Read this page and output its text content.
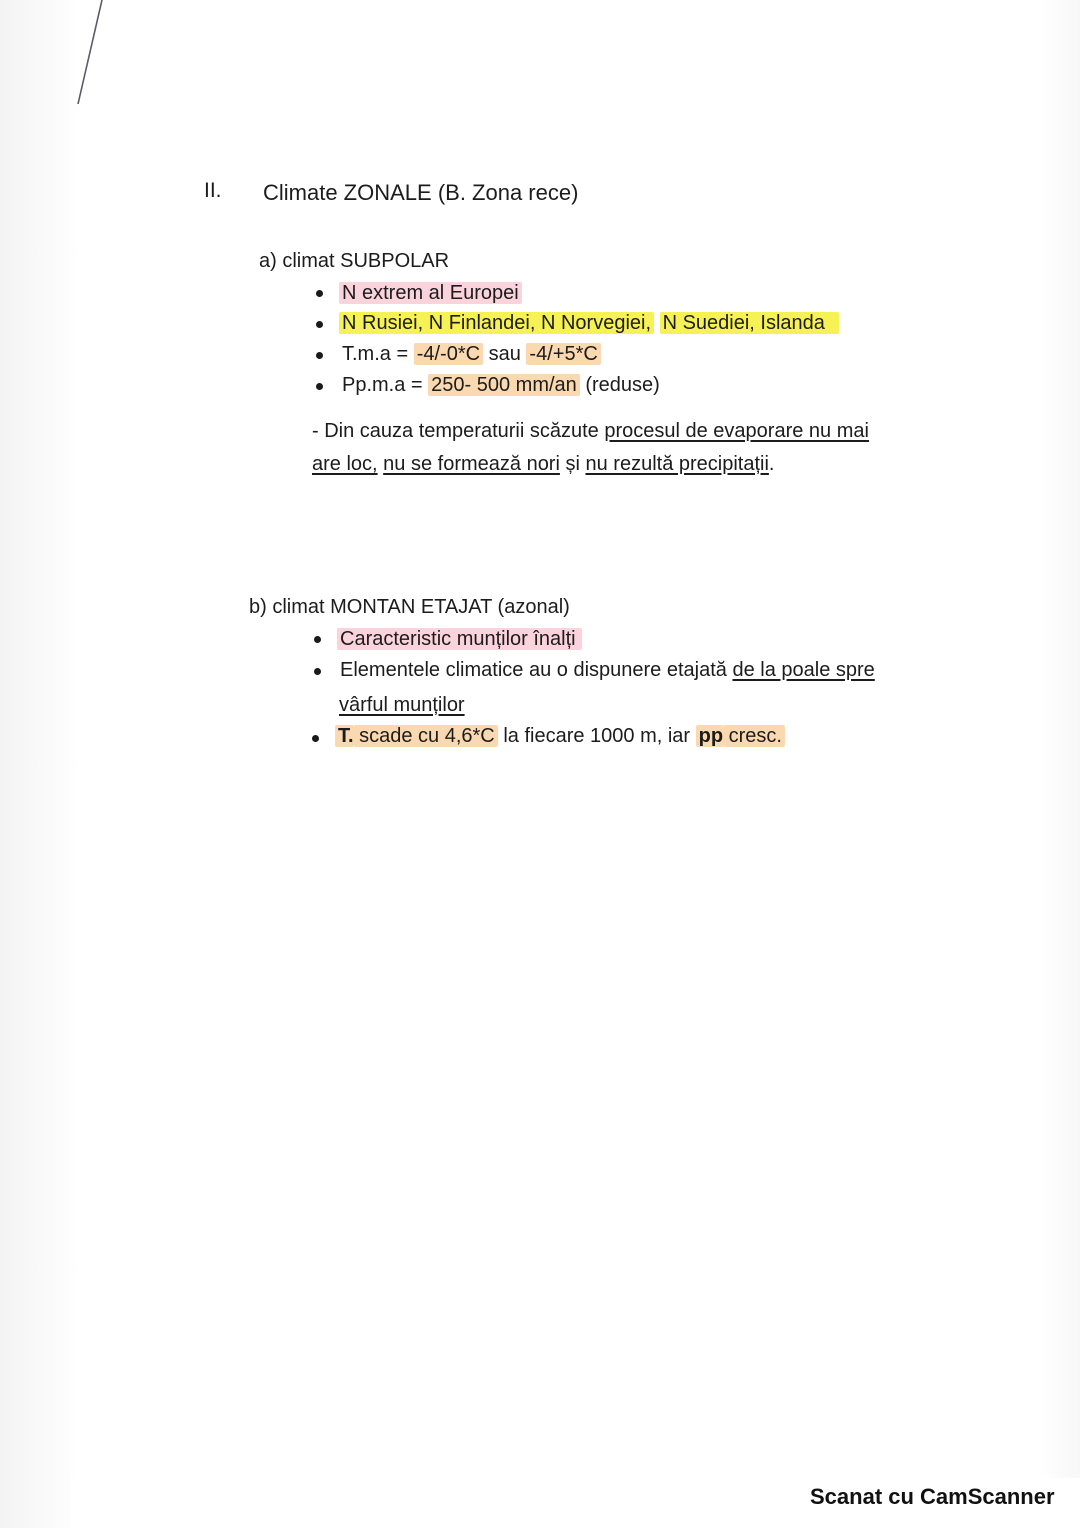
II. Climate ZONALE (B. Zona rece)
a) climat SUBPOLAR
N extrem al Europei
N Rusiei, N Finlandei, N Norvegiei, N Suediei, Islanda
T.m.a = -4/-0*C sau -4/+5*C
Pp.m.a = 250- 500 mm/an (reduse)
- Din cauza temperaturii scăzute procesul de evaporare nu mai
are loc, nu se formează nori și nu rezultă precipitații.
b) climat MONTAN ETAJAT (azonal)
Caracteristic munților înalți
Elementele climatice au o dispunere etajată de la poale spre
vârful munților
T. scade cu 4,6*C la fiecare 1000 m, iar pp cresc.
Scanat cu CamScanner
